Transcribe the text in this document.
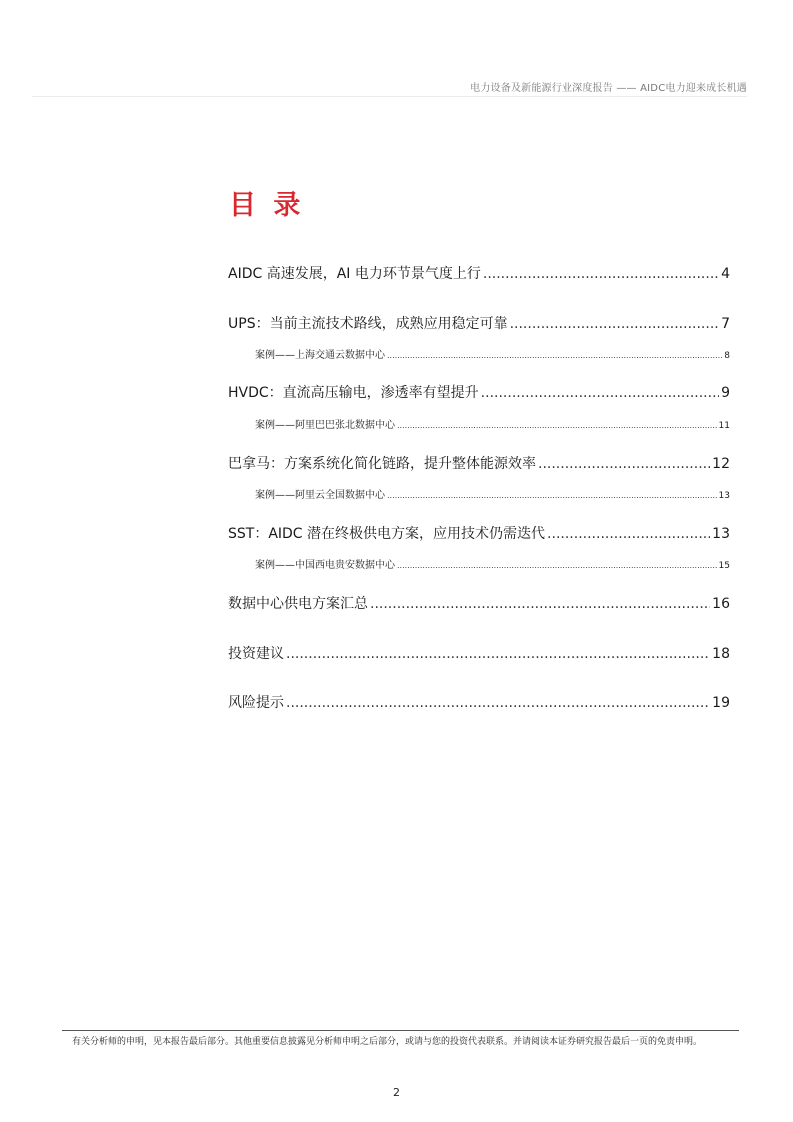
电力设备及新能源行业深度报告 —— AIDC电力迎来成长机遇
目 录
AIDC 高速发展，AI 电力环节景气度上行 .....	4
UPS：当前主流技术路线，成熟应用稳定可靠 .....	7
案例——上海交通云数据中心 .....	8
HVDC：直流高压输电，渗透率有望提升 .....	9
案例——阿里巴巴张北数据中心 .....	11
巴拿马：方案系统化简化链路，提升整体能源效率 .....	12
案例——阿里云全国数据中心 .....	13
SST：AIDC 潜在终极供电方案，应用技术仍需迭代 .....	13
案例——中国西电贵安数据中心 .....	15
数据中心供电方案汇总 .....	16
投资建议 .....	18
风险提示 .....	19
有关分析师的申明，见本报告最后部分。其他重要信息披露见分析师申明之后部分，或请与您的投资代表联系。并请阅读本证券研究报告最后一页的免责申明。
2
